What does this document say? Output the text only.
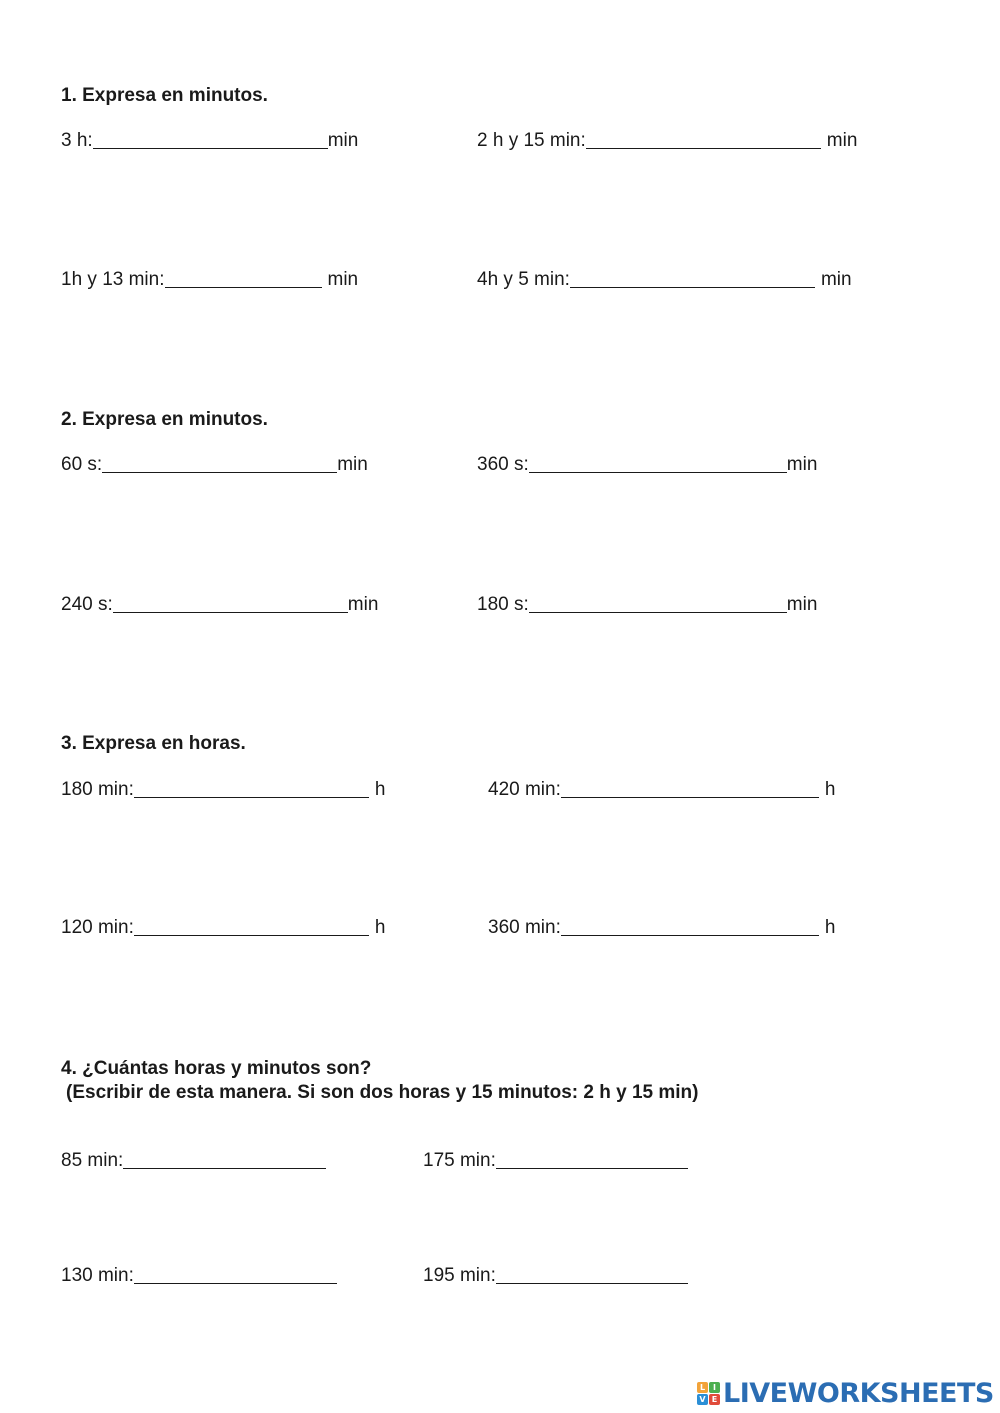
1. Expresa en minutos.
3 h:	min	2 h y 15 min:	min
1h y 13 min:	min	4h y 5 min:	min
2. Expresa en minutos.
60 s:	min	360 s:	min
240 s:	min	180 s:	min
3. Expresa en horas.
180 min:	h	420 min:	h
120 min:	h	360 min:	h
4. ¿Cuántas horas y minutos son?
(Escribir de esta manera. Si son dos horas y 15 minutos: 2 h y 15 min)
85 min:	175 min:
130 min:	195 min:
L I
V E LIVEWORKSHEETS
